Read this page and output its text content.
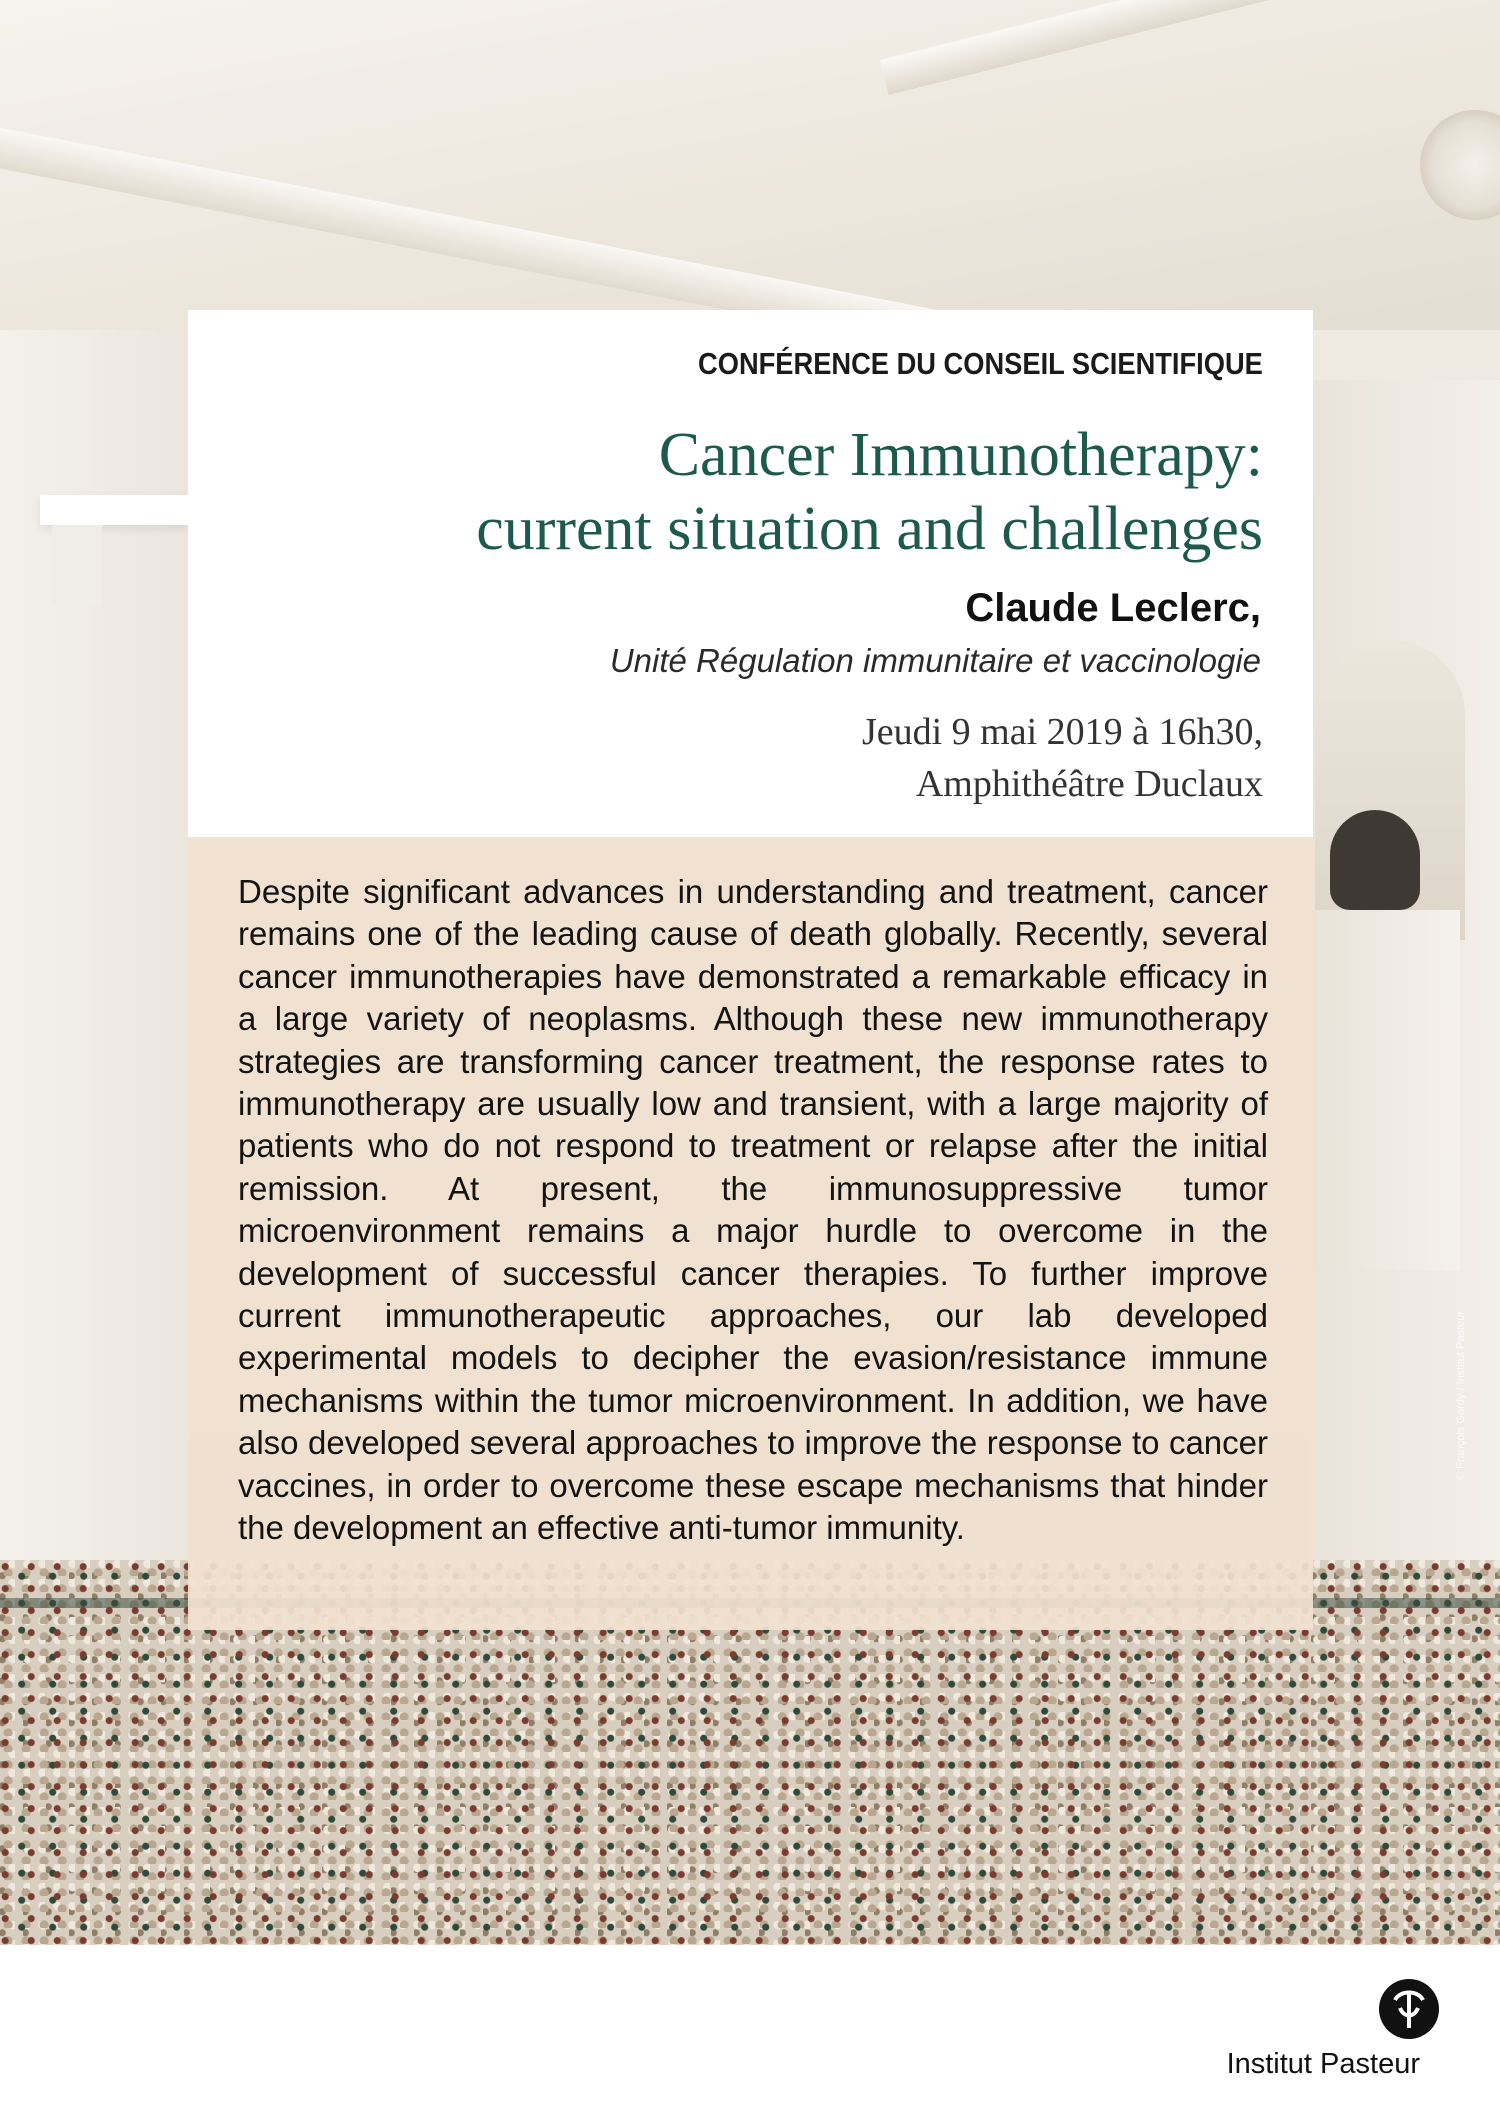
© François Gardy / Institut Pasteur
CONFÉRENCE DU CONSEIL SCIENTIFIQUE
Cancer Immunotherapy:
current situation and challenges
Claude Leclerc,
Unité Régulation immunitaire et vaccinologie
Jeudi 9 mai 2019 à 16h30,
Amphithéâtre Duclaux

Despite significant advances in understanding and treatment, cancer remains one of the leading cause of death globally. Recently, several cancer immunotherapies have demonstrated a remarkable efficacy in a large variety of neoplasms. Although these new immunotherapy strategies are transforming cancer treatment, the response rates to immunotherapy are usually low and transient, with a large majority of patients who do not respond to treatment or relapse after the initial remission. At present, the immunosuppressive tumor microenvironment remains a major hurdle to overcome in the development of successful cancer therapies. To further improve current immunotherapeutic approaches, our lab developed experimental models to decipher the evasion/resistance immune mechanisms within the tumor microenvironment. In addition, we have also developed several approaches to improve the response to cancer vaccines, in order to overcome these escape mechanisms that hinder the development an effective anti-tumor immunity.

Institut Pasteur
